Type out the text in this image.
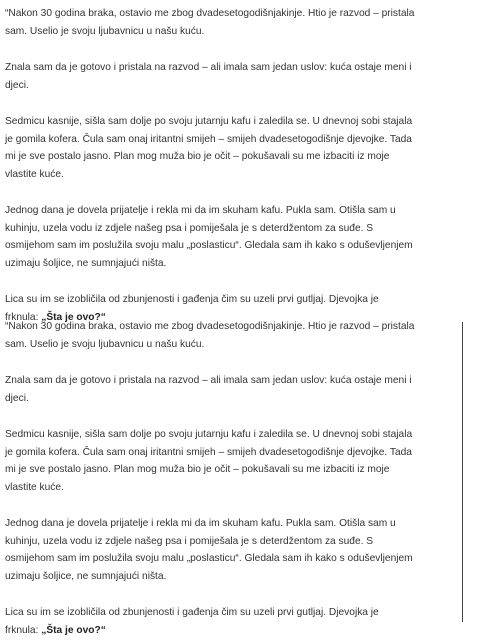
“Nakon 30 godina braka, ostavio me zbog dvadesetogodišnjakinje. Htio je razvod – pristala
sam. Uselio je svoju ljubavnicu u našu kuću.

Znala sam da je gotovo i pristala na razvod – ali imala sam jedan uslov: kuća ostaje meni i
djeci.

Sedmicu kasnije, sišla sam dolje po svoju jutarnju kafu i zaledila se. U dnevnoj sobi stajala
je gomila kofera. Čula sam onaj iritantni smijeh – smijeh dvadesetogodišnje djevojke. Tada
mi je sve postalo jasno. Plan mog muža bio je očit – pokušavali su me izbaciti iz moje
vlastite kuće.

Jednog dana je dovela prijatelje i rekla mi da im skuham kafu. Pukla sam. Otišla sam u
kuhinju, uzela vodu iz zdjele našeg psa i pomiješala je s deterdžentom za suđe. S
osmijehom sam im poslužila svoju malu „poslasticu“. Gledala sam ih kako s oduševljenjem
uzimaju šoljice, ne sumnjajući ništa.

Lica su im se izobličila od zbunjenosti i gađenja čim su uzeli prvi gutljaj. Djevojka je
frknula: „Šta je ovo?“

“Nakon 30 godina braka, ostavio me zbog dvadesetogodišnjakinje. Htio je razvod – pristala
sam. Uselio je svoju ljubavnicu u našu kuću.

Znala sam da je gotovo i pristala na razvod – ali imala sam jedan uslov: kuća ostaje meni i
djeci.

Sedmicu kasnije, sišla sam dolje po svoju jutarnju kafu i zaledila se. U dnevnoj sobi stajala
je gomila kofera. Čula sam onaj iritantni smijeh – smijeh dvadesetogodišnje djevojke. Tada
mi je sve postalo jasno. Plan mog muža bio je očit – pokušavali su me izbaciti iz moje
vlastite kuće.

Jednog dana je dovela prijatelje i rekla mi da im skuham kafu. Pukla sam. Otišla sam u
kuhinju, uzela vodu iz zdjele našeg psa i pomiješala je s deterdžentom za suđe. S
osmijehom sam im poslužila svoju malu „poslasticu“. Gledala sam ih kako s oduševljenjem
uzimaju šoljice, ne sumnjajući ništa.

Lica su im se izobličila od zbunjenosti i gađenja čim su uzeli prvi gutljaj. Djevojka je
frknula: „Šta je ovo?“
